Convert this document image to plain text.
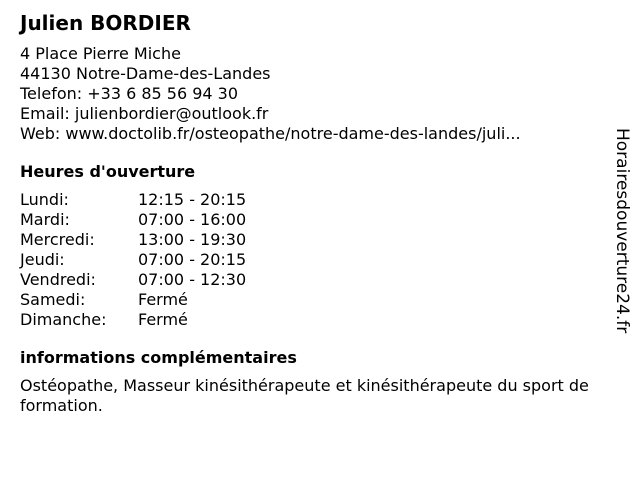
Julien BORDIER
4 Place Pierre Miche
44130 Notre-Dame-des-Landes
Telefon: +33 6 85 56 94 30
Email: julienbordier@outlook.fr
Web: www.doctolib.fr/osteopathe/notre-dame-des-landes/juli...
Heures d'ouverture
Lundi:	12:15 - 20:15
Mardi:	07:00 - 16:00
Mercredi:	13:00 - 19:30
Jeudi:	07:00 - 20:15
Vendredi:	07:00 - 12:30
Samedi:	Fermé
Dimanche:	Fermé
informations complémentaires
Ostéopathe, Masseur kinésithérapeute et kinésithérapeute du sport de formation.
Horairesdouverture24.fr
